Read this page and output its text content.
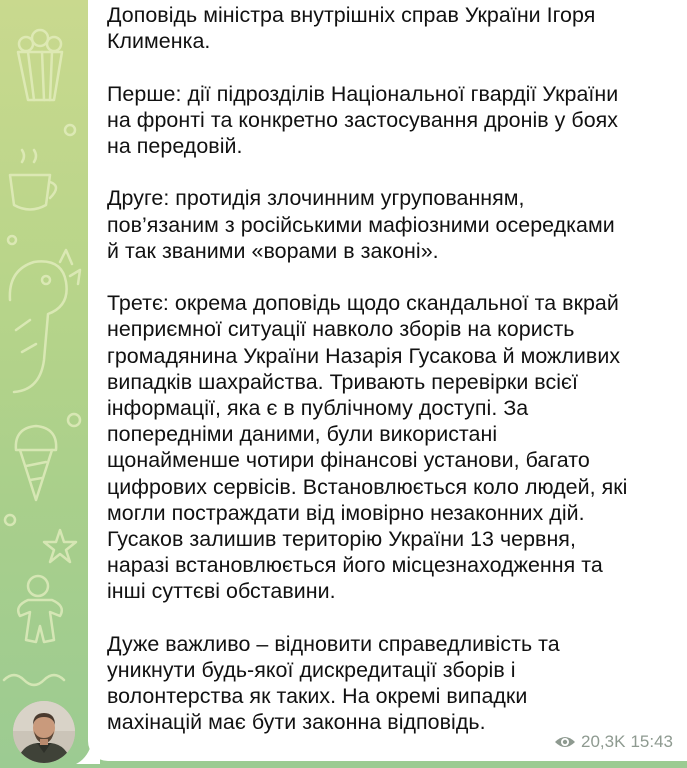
Доповідь міністра внутрішніх справ України Ігоря
Клименка.

Перше: дії підрозділів Національної гвардії України
на фронті та конкретно застосування дронів у боях
на передовій.

Друге: протидія злочинним угрупованням,
пов’язаним з російськими мафіозними осередками
й так званими «ворами в законі».

Третє: окрема доповідь щодо скандальної та вкрай
неприємної ситуації навколо зборів на користь
громадянина України Назарія Гусакова й можливих
випадків шахрайства. Тривають перевірки всієї
інформації, яка є в публічному доступі. За
попередніми даними, були використані
щонайменше чотири фінансові установи, багато
цифрових сервісів. Встановлюється коло людей, які
могли постраждати від імовірно незаконних дій.
Гусаков залишив територію України 13 червня,
наразі встановлюється його місцезнаходження та
інші суттєві обставини.

Дуже важливо – відновити справедливість та
уникнути будь-якої дискредитації зборів і
волонтерства як таких. На окремі випадки
махінацій має бути законна відповідь.

20,3K 15:43
